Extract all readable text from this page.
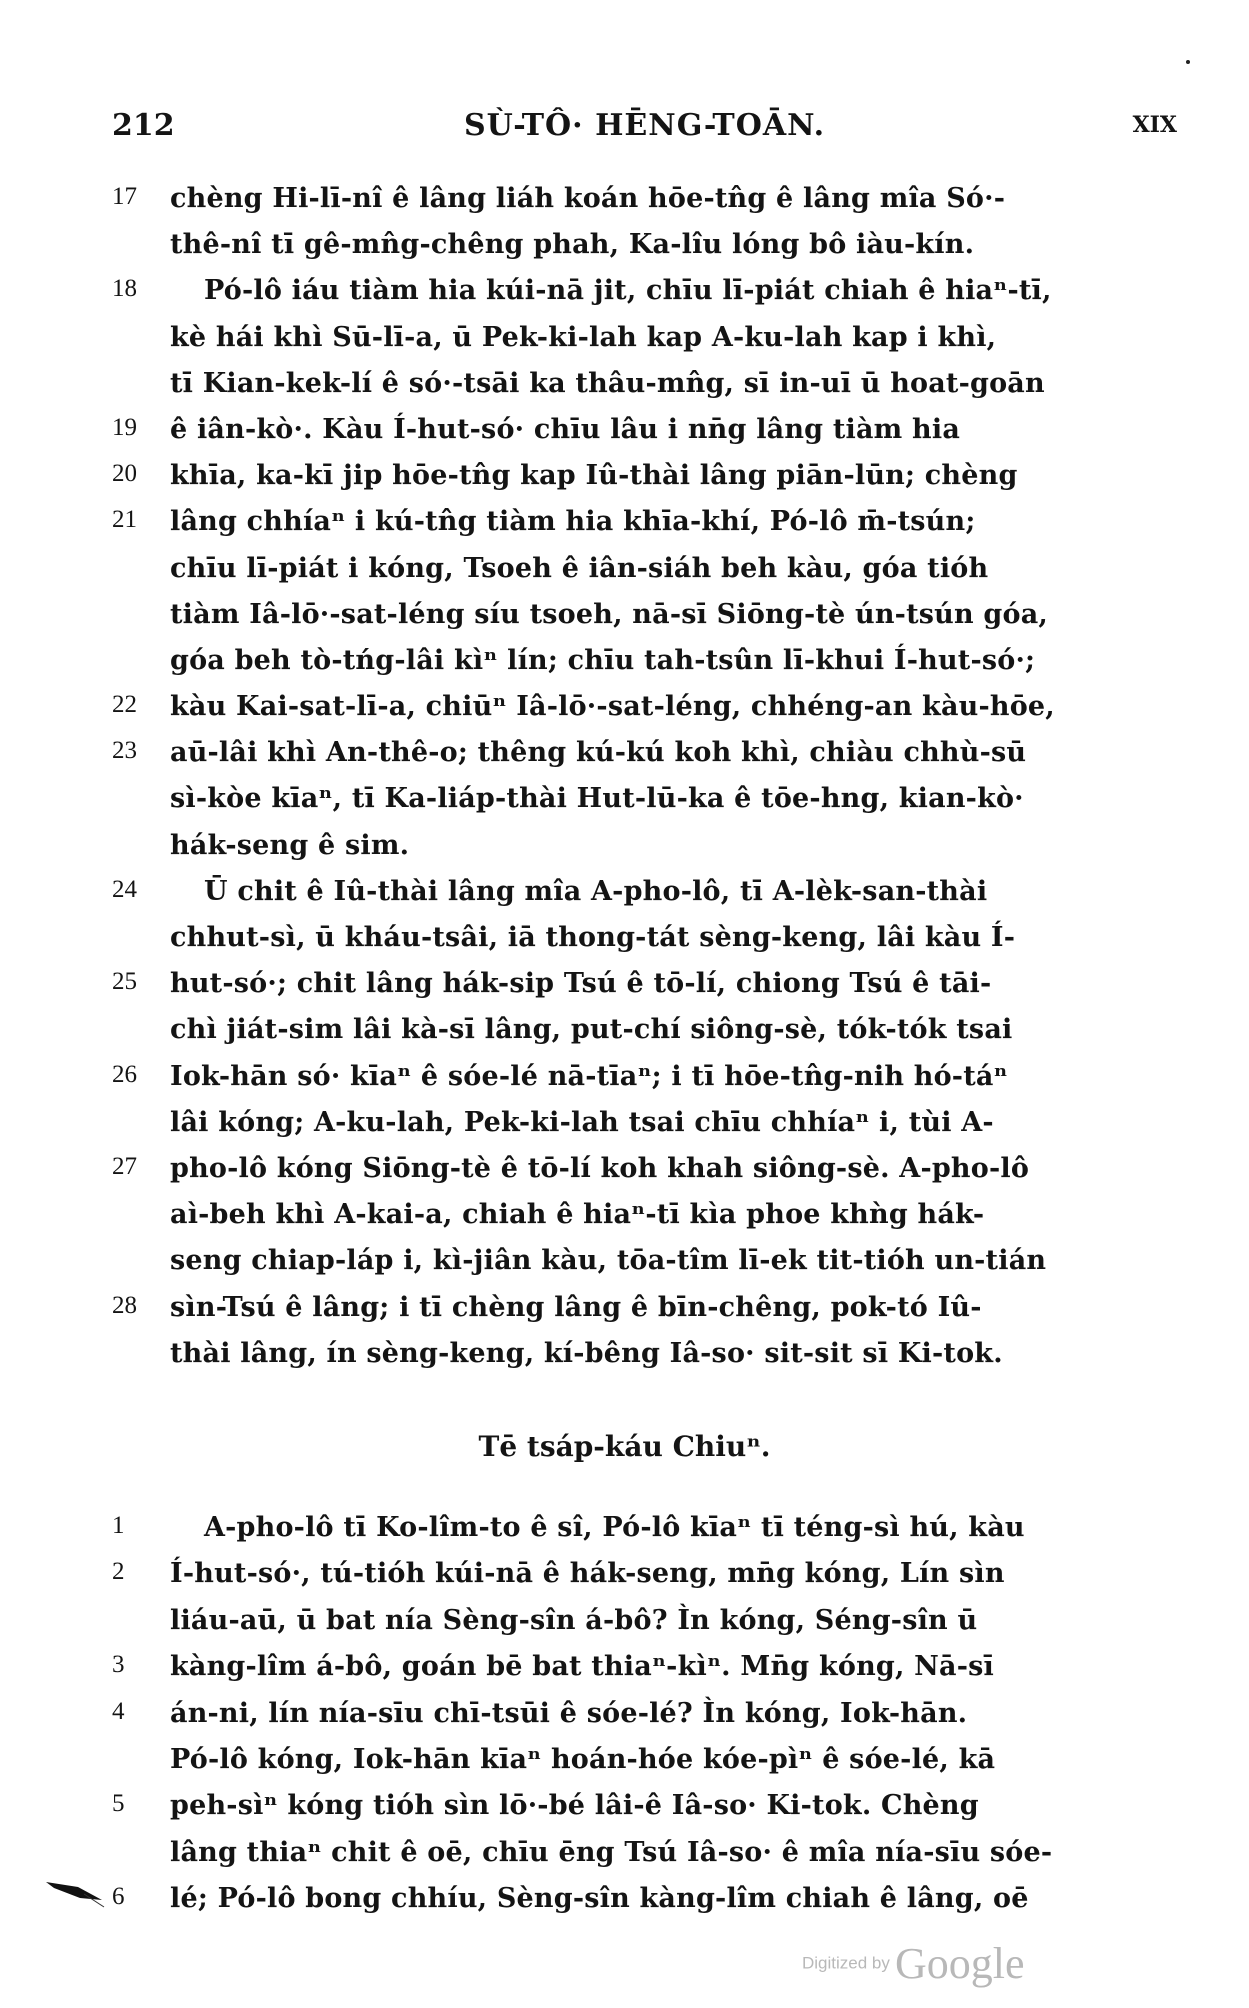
212	SÙ-TÔ· HĒNG-TOĀN.	XIX
17	chèng Hi-lī-nî ê lâng liáh koán hōe-tn̂g ê lâng mîa Só·-
thê-nî tī gê-mn̂g-chêng phah, Ka-lîu lóng bô iàu-kín.
18	Pó-lô iáu tiàm hia kúi-nā jit, chīu lī-piát chiah ê hiaⁿ-tī,
kè hái khì Sū-lī-a, ū Pek-ki-lah kap A-ku-lah kap i khì,
tī Kian-kek-lí ê só·-tsāi ka thâu-mn̂g, sī in-uī ū hoat-goān
19	ê iân-kò·. Kàu Í-hut-só· chīu lâu i nn̄g lâng tiàm hia
20	khīa, ka-kī jip hōe-tn̂g kap Iû-thài lâng piān-lūn; chèng
21	lâng chhíaⁿ i kú-tn̂g tiàm hia khīa-khí, Pó-lô m̄-tsún;
chīu lī-piát i kóng, Tsoeh ê iân-siáh beh kàu, góa tióh
tiàm Iâ-lō·-sat-léng síu tsoeh, nā-sī Siōng-tè ún-tsún góa,
góa beh tò-tńg-lâi kìⁿ lín; chīu tah-tsûn lī-khui Í-hut-só·;
22	kàu Kai-sat-lī-a, chiūⁿ Iâ-lō·-sat-léng, chhéng-an kàu-hōe,
23	aū-lâi khì An-thê-o; thêng kú-kú koh khì, chiàu chhù-sū
sì-kòe kīaⁿ, tī Ka-liáp-thài Hut-lū-ka ê tōe-hng, kian-kò·
hák-seng ê sim.
24	Ū chit ê Iû-thài lâng mîa A-pho-lô, tī A-lèk-san-thài
chhut-sì, ū kháu-tsâi, iā thong-tát sèng-keng, lâi kàu Í-
25	hut-só·; chit lâng hák-sip Tsú ê tō-lí, chiong Tsú ê tāi-
chì jiát-sim lâi kà-sī lâng, put-chí siông-sè, tók-tók tsai
26	Iok-hān só· kīaⁿ ê sóe-lé nā-tīaⁿ; i tī hōe-tn̂g-nih hó-táⁿ
lâi kóng; A-ku-lah, Pek-ki-lah tsai chīu chhíaⁿ i, tùi A-
27	pho-lô kóng Siōng-tè ê tō-lí koh khah siông-sè. A-pho-lô
aì-beh khì A-kai-a, chiah ê hiaⁿ-tī kìa phoe khǹg hák-
seng chiap-láp i, kì-jiân kàu, tōa-tîm lī-ek tit-tióh un-tián
28	sìn-Tsú ê lâng; i tī chèng lâng ê bīn-chêng, pok-tó Iû-
thài lâng, ín sèng-keng, kí-bêng Iâ-so· sit-sit sī Ki-tok.
Tē tsáp-káu Chiuⁿ.
1	A-pho-lô tī Ko-lîm-to ê sî, Pó-lô kīaⁿ tī téng-sì hú, kàu
2	Í-hut-só·, tú-tióh kúi-nā ê hák-seng, mn̄g kóng, Lín sìn
liáu-aū, ū bat nía Sèng-sîn á-bô? Ìn kóng, Séng-sîn ū
3	kàng-lîm á-bô, goán bē bat thiaⁿ-kìⁿ. Mn̄g kóng, Nā-sī
4	án-ni, lín nía-sīu chī-tsūi ê sóe-lé? Ìn kóng, Iok-hān.
Pó-lô kóng, Iok-hān kīaⁿ hoán-hóe kóe-pìⁿ ê sóe-lé, kā
5	peh-sìⁿ kóng tióh sìn lō·-bé lâi-ê Iâ-so· Ki-tok. Chèng
lâng thiaⁿ chit ê oē, chīu ēng Tsú Iâ-so· ê mîa nía-sīu sóe-
6	lé; Pó-lô bong chhíu, Sèng-sîn kàng-lîm chiah ê lâng, oē
Digitized by Google
